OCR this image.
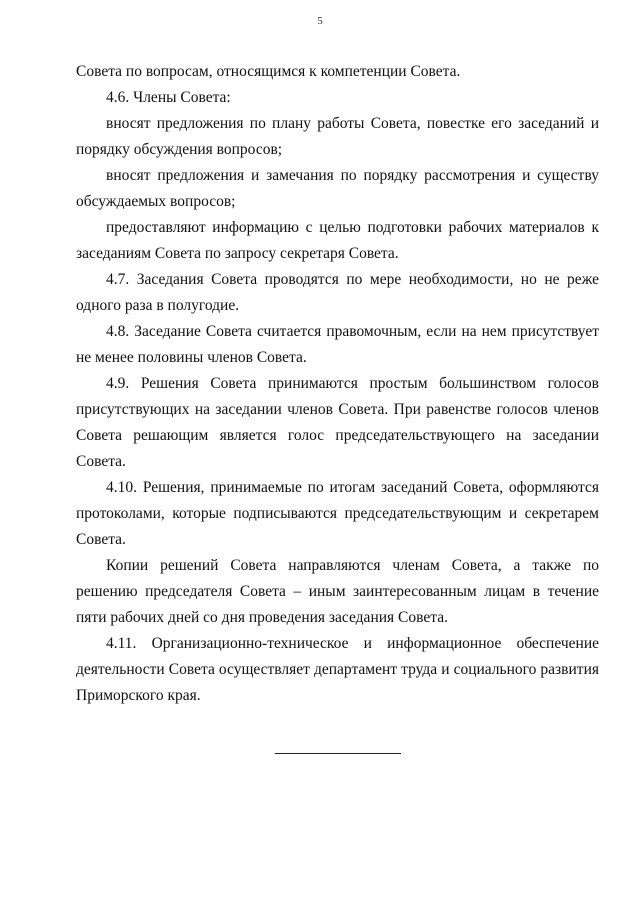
5

Совета по вопросам, относящимся к компетенции Совета.

4.6. Члены Совета:

вносят предложения по плану работы Совета, повестке его заседаний и порядку обсуждения вопросов;

вносят предложения и замечания по порядку рассмотрения и существу обсуждаемых вопросов;

предоставляют информацию с целью подготовки рабочих материалов к заседаниям Совета по запросу секретаря Совета.

4.7. Заседания Совета проводятся по мере необходимости, но не реже одного раза в полугодие.

4.8. Заседание Совета считается правомочным, если на нем присутствует не менее половины членов Совета.

4.9. Решения Совета принимаются простым большинством голосов присутствующих на заседании членов Совета. При равенстве голосов членов Совета решающим является голос председательствующего на заседании Совета.

4.10. Решения, принимаемые по итогам заседаний Совета, оформляются протоколами, которые подписываются председательствующим и секретарем Совета.

Копии решений Совета направляются членам Совета, а также по решению председателя Совета – иным заинтересованным лицам в течение пяти рабочих дней со дня проведения заседания Совета.

4.11. Организационно-техническое и информационное обеспечение деятельности Совета осуществляет департамент труда и социального развития Приморского края.
